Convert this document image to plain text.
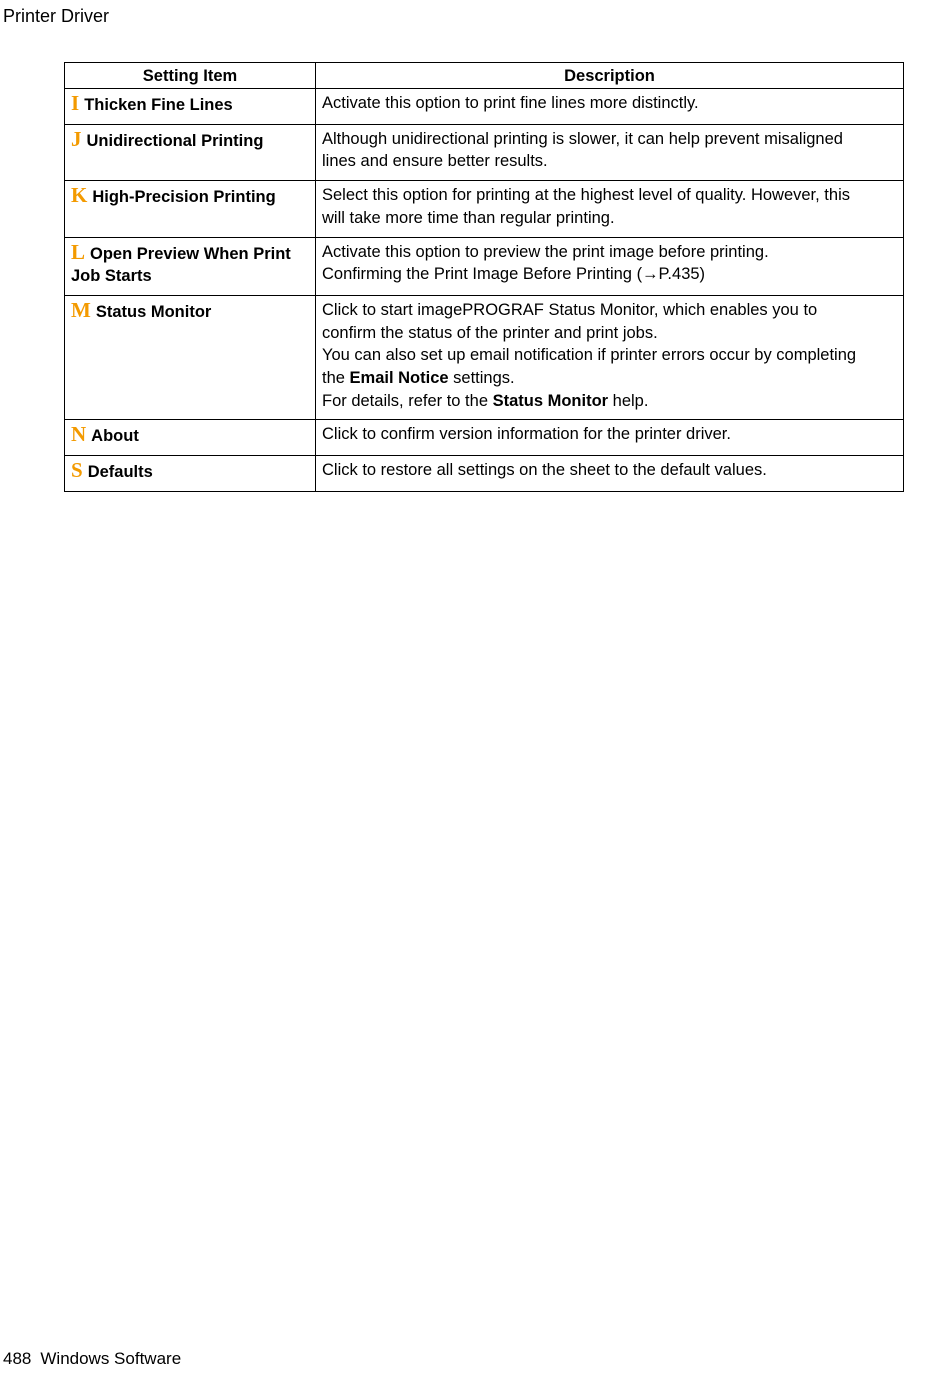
Printer Driver
Setting Item	Description
I Thicken Fine Lines	Activate this option to print fine lines more distinctly.

J Unidirectional Printing	Although unidirectional printing is slower, it can help prevent misaligned
lines and ensure better results.

K High-Precision Printing	Select this option for printing at the highest level of quality. However, this
will take more time than regular printing.

L Open Preview When Print Job Starts	Activate this option to preview the print image before printing.
Confirming the Print Image Before Printing (→P.435)

M Status Monitor	Click to start imagePROGRAF Status Monitor, which enables you to
confirm the status of the printer and print jobs.
You can also set up email notification if printer errors occur by completing
the Email Notice settings.
For details, refer to the Status Monitor help.

N About	Click to confirm version information for the printer driver.

S Defaults	Click to restore all settings on the sheet to the default values.
488 Windows Software
